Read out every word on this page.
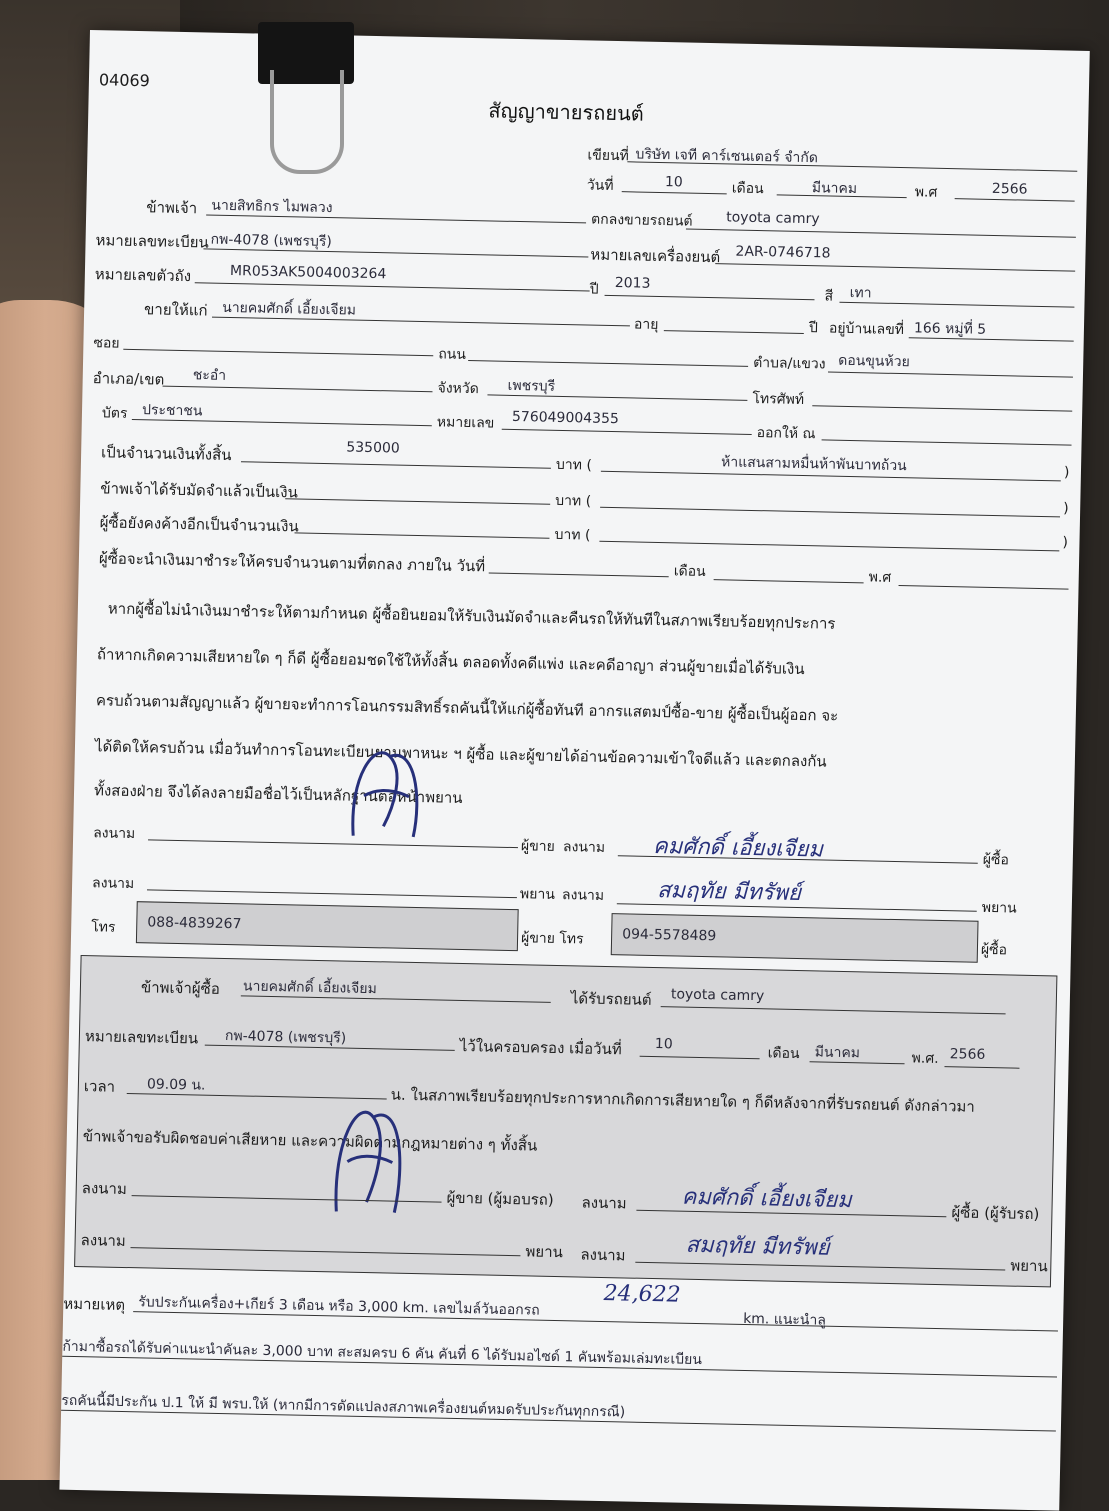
04069
สัญญาขายรถยนต์
เขียนที่ บริษัท เจที คาร์เซนเตอร์ จำกัด
วันที่	10	เดือน	มีนาคม	พ.ศ	2566
ข้าพเจ้า นายสิทธิกร ไมพลวง
ตกลงขายรถยนต์ toyota camry
หมายเลขทะเบียน กพ-4078 (เพชรบุรี)
หมายเลขเครื่องยนต์ 2AR-0746718
หมายเลขตัวถัง	MR053AK5004003264
ปี 2013
สี เทา
ขายให้แก่ นายคมศักดิ์ เอี้ยงเจียม
อายุ	ปี อยู่บ้านเลขที่ 166 หมู่ที่ 5
ซอย
ถนน
ตำบล/แขวง ดอนขุนห้วย
อำเภอ/เขต ชะอำ
จังหวัด เพชรบุรี
โทรศัพท์
บัตร ประชาชน
หมายเลข 576049004355
ออกให้ ณ
เป็นจำนวนเงินทั้งสิ้น	535000
บาท (	ห้าแสนสามหมื่นห้าพันบาทถ้วน	)
ข้าพเจ้าได้รับมัดจำแล้วเป็นเงิน	บาท (	)
ผู้ซื้อยังคงค้างอีกเป็นจำนวนเงิน	บาท (	)
ผู้ซื้อจะนำเงินมาชำระให้ครบจำนวนตามที่ตกลง ภายใน วันที่	เดือน	พ.ศ
หากผู้ซื้อไม่นำเงินมาชำระให้ตามกำหนด ผู้ซื้อยินยอมให้รับเงินมัดจำและคืนรถให้ทันทีในสภาพเรียบร้อยทุกประการ
ถ้าหากเกิดความเสียหายใด ๆ ก็ดี ผู้ซื้อยอมชดใช้ให้ทั้งสิ้น ตลอดทั้งคดีแพ่ง และคดีอาญา ส่วนผู้ขายเมื่อได้รับเงิน
ครบถ้วนตามสัญญาแล้ว ผู้ขายจะทำการโอนกรรมสิทธิ์รถคันนี้ให้แก่ผู้ซื้อทันที อากรแสตมป์ซื้อ-ขาย ผู้ซื้อเป็นผู้ออก จะ
ได้ติดให้ครบถ้วน เมื่อวันทำการโอนทะเบียนยานพาหนะ ฯ ผู้ซื้อ และผู้ขายได้อ่านข้อความเข้าใจดีแล้ว และตกลงกัน
ทั้งสองฝ่าย จึงได้ลงลายมือชื่อไว้เป็นหลักฐานต่อหน้าพยาน
ลงนาม
ผู้ขาย ลงนาม คมศักดิ์ เอี้ยงเจียม	ผู้ซื้อ
ลงนาม
พยาน ลงนาม สมฤทัย มีทรัพย์
พยาน
โทร 088-4839267
ผู้ขาย โทร	094-5578489
ผู้ซื้อ
ข้าพเจ้าผู้ซื้อ นายคมศักดิ์ เอี้ยงเจียม
ได้รับรถยนต์ toyota camry
หมายเลขทะเบียน กพ-4078 (เพชรบุรี)	ไว้ในครอบครอง เมื่อวันที่ 10
เดือน มีนาคม	พ.ศ. 2566
เวลา 09.09 น.
น. ในสภาพเรียบร้อยทุกประการหากเกิดการเสียหายใด ๆ ก็ดีหลังจากที่รับรถยนต์ ดังกล่าวมา
ข้าพเจ้าขอรับผิดชอบค่าเสียหาย และความผิดตามกฎหมายต่าง ๆ ทั้งสิ้น
ลงนาม
ผู้ขาย (ผู้มอบรถ) ลงนาม คมศักดิ์ เอี้ยงเจียม
ผู้ซื้อ (ผู้รับรถ)
ลงนาม
พยาน ลงนาม	สมฤทัย มีทรัพย์
พยาน
หมายเหตุ รับประกันเครื่อง+เกียร์ 3 เดือน หรือ 3,000 km. เลขไมล์วันออกรถ	24,622
km. แนะนำลู
ก้ามาซื้อรถได้รับค่าแนะนำคันละ 3,000 บาท สะสมครบ 6 คัน คันที่ 6 ได้รับมอไซด์ 1 คันพร้อมเล่มทะเบียน
รถคันนี้มีประกัน ป.1 ให้ มี พรบ.ให้ (หากมีการดัดแปลงสภาพเครื่องยนต์หมดรับประกันทุกกรณี)
